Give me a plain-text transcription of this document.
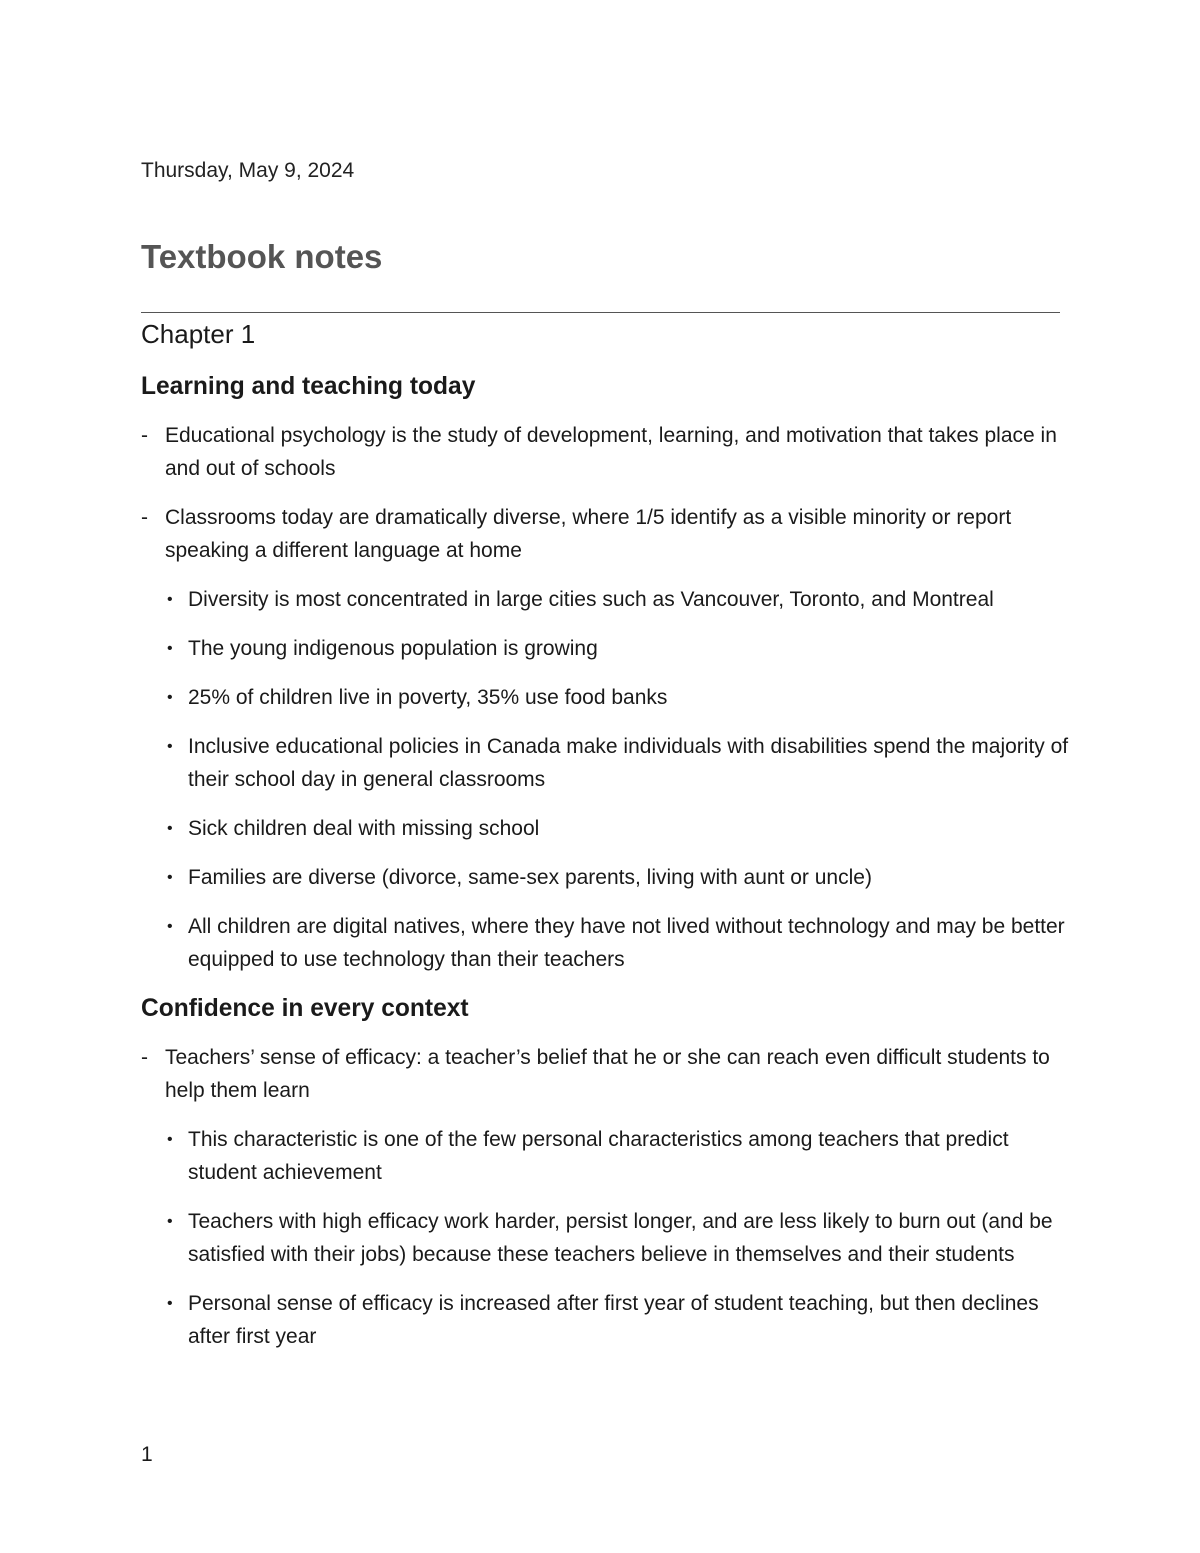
Thursday, May 9, 2024
Textbook notes
Chapter 1
Learning and teaching today
- Educational psychology is the study of development, learning, and motivation that takes place in and out of schools
- Classrooms today are dramatically diverse, where 1/5 identify as a visible minority or report speaking a different language at home
• Diversity is most concentrated in large cities such as Vancouver, Toronto, and Montreal
• The young indigenous population is growing
• 25% of children live in poverty, 35% use food banks
• Inclusive educational policies in Canada make individuals with disabilities spend the majority of their school day in general classrooms
• Sick children deal with missing school
• Families are diverse (divorce, same-sex parents, living with aunt or uncle)
• All children are digital natives, where they have not lived without technology and may be better equipped to use technology than their teachers
Confidence in every context
- Teachers’ sense of efficacy: a teacher’s belief that he or she can reach even difficult students to help them learn
• This characteristic is one of the few personal characteristics among teachers that predict student achievement
• Teachers with high efficacy work harder, persist longer, and are less likely to burn out (and be satisfied with their jobs) because these teachers believe in themselves and their students
• Personal sense of efficacy is increased after first year of student teaching, but then declines after first year
1
